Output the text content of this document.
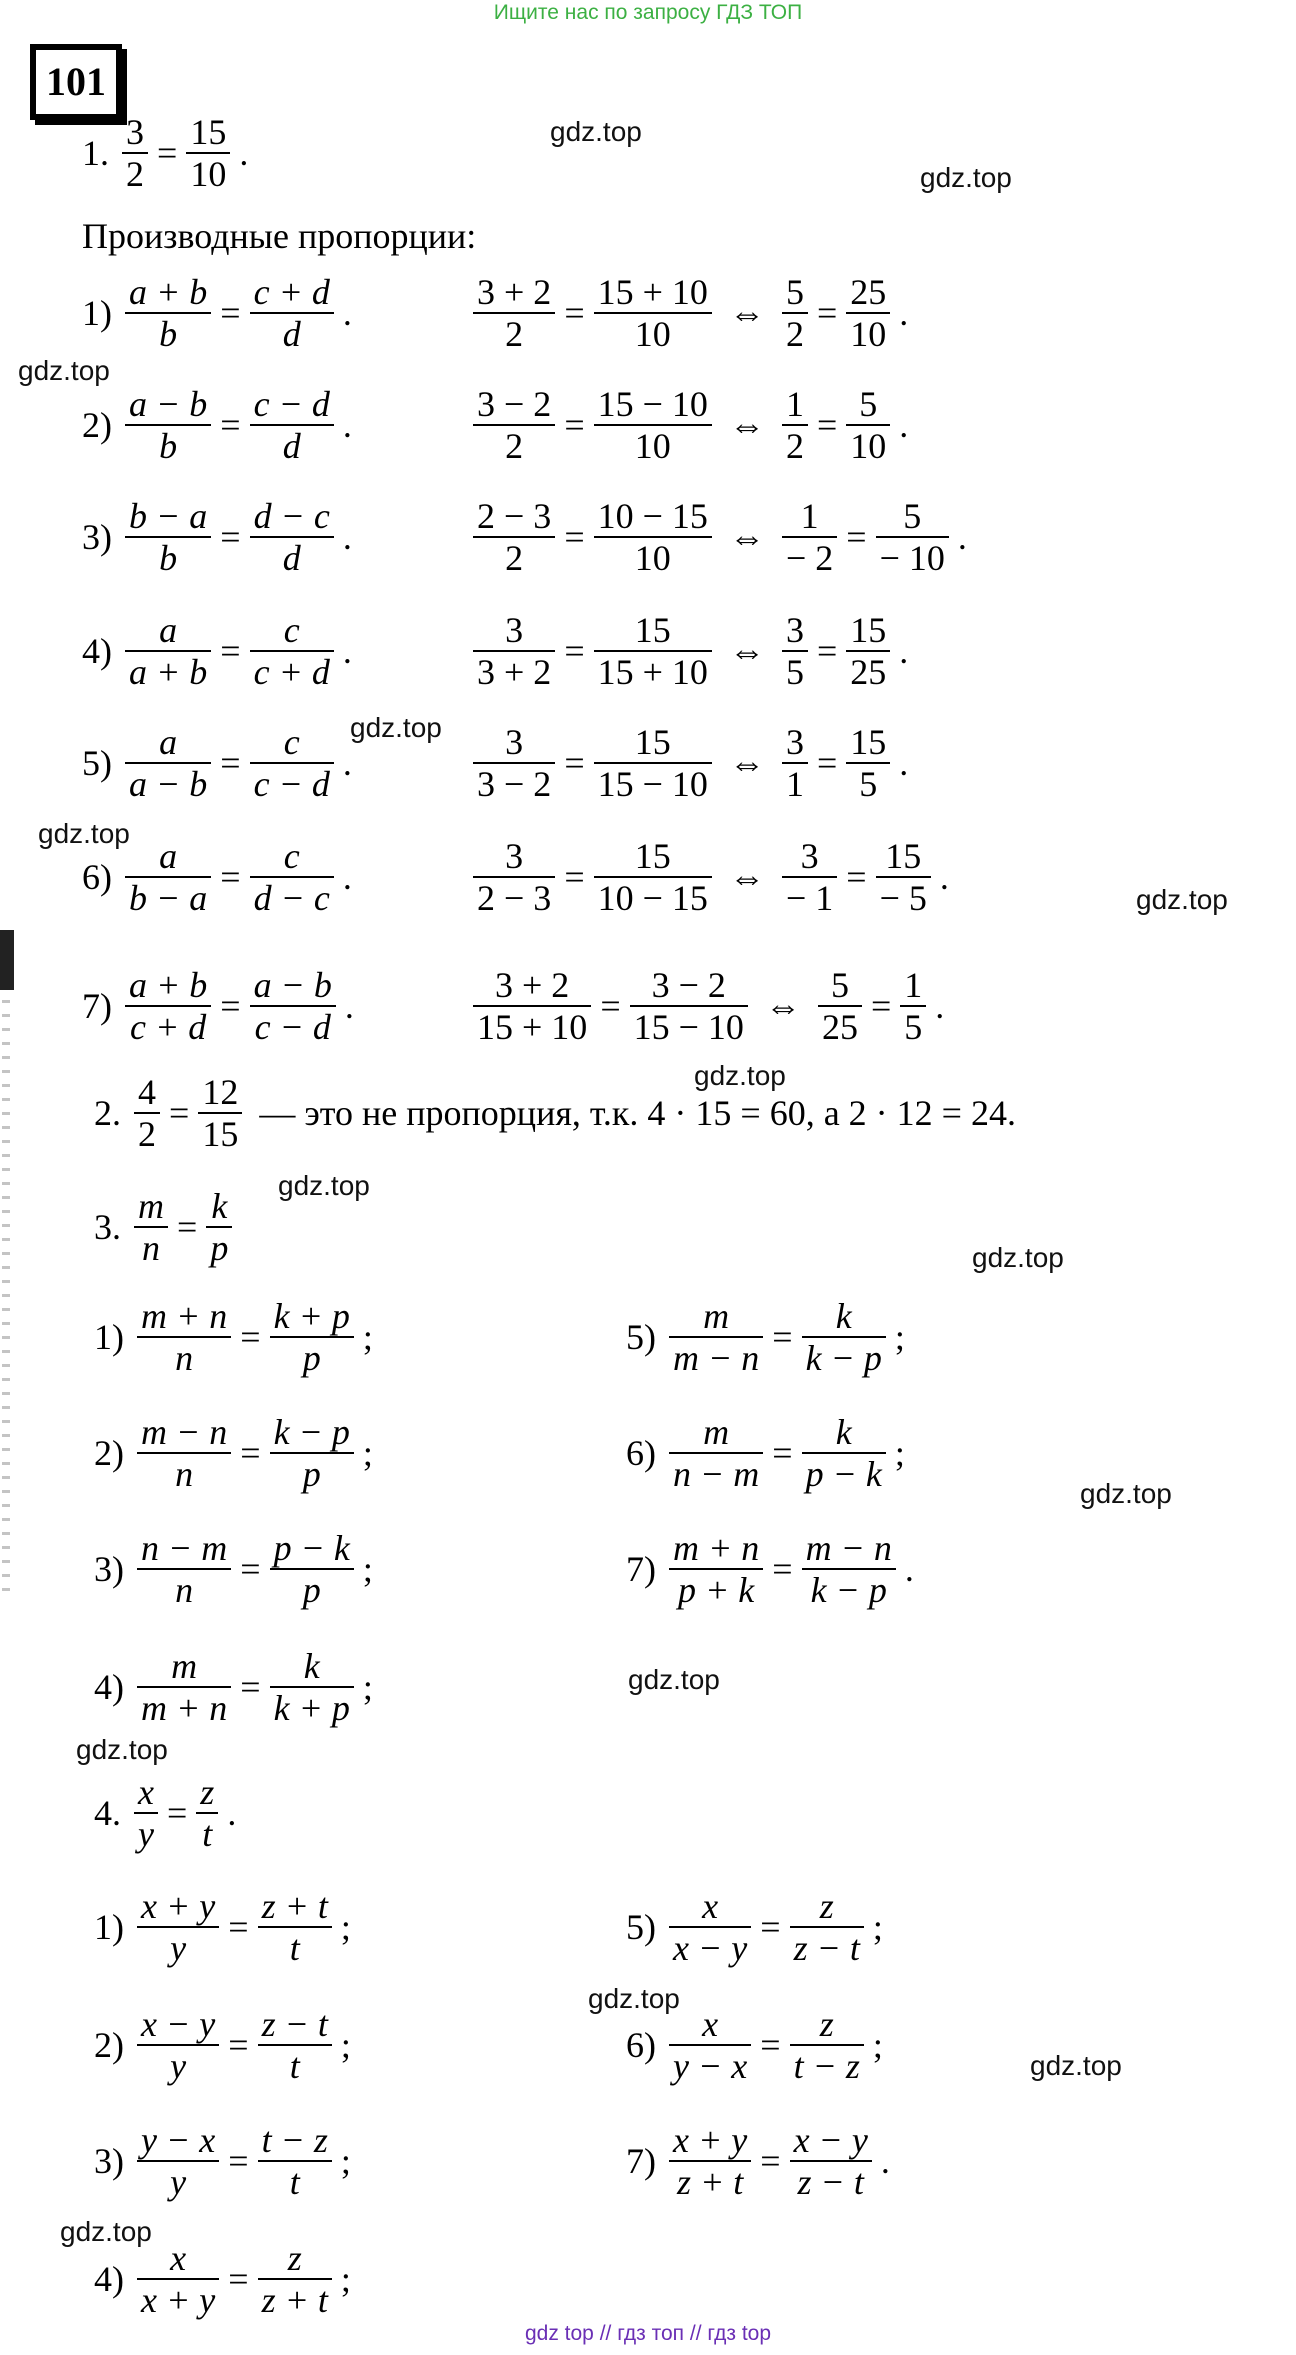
Ищите нас по запросу ГДЗ ТОП
101
gdz.top
gdz.top
gdz.top
gdz.top
gdz.top
gdz.top
gdz.top
gdz.top
gdz.top
gdz.top
gdz.top
gdz.top
gdz.top
gdz.top
gdz.top
1. $\frac{3}{2} = \frac{15}{10}$ .
Производные пропорции:
2. $\frac{4}{2} = \frac{12}{15}$ — это не пропорция, т.к. 4 · 15 = 60, а 2 · 12 = 24.
3. $\frac{m}{n} = \frac{k}{p}$
4. $\frac{x}{y} = \frac{z}{t}$ .
gdz top // гдз топ // гдз top
$1) \frac{a + b}{b} = \frac{c + d}{d}$ .	$\frac{3 + 2}{2} = \frac{15 + 10}{10}$ ⇔ $\frac{5}{2} = \frac{25}{10}$ .
$2) \frac{a - b}{b} = \frac{c - d}{d}$ .	$\frac{3 - 2}{2} = \frac{15 - 10}{10}$ ⇔ $\frac{1}{2} = \frac{5}{10}$ .
$3) \frac{b - a}{b} = \frac{d - c}{d}$ .	$\frac{2 - 3}{2} = \frac{10 - 15}{10}$ ⇔ $\frac{1}{- 2} = \frac{5}{- 10}$ .
$4) \frac{a}{a + b} = \frac{c}{c + d}$ .	$\frac{3}{3 + 2} = \frac{15}{15 + 10}$ ⇔ $\frac{3}{5} = \frac{15}{25}$ .
$5) \frac{a}{a - b} = \frac{c}{c - d}$ .	$\frac{3}{3 - 2} = \frac{15}{15 - 10}$ ⇔ $\frac{3}{1} = \frac{15}{5}$ .
$6) \frac{a}{b - a} = \frac{c}{d - c}$ .	$\frac{3}{2 - 3} = \frac{15}{10 - 15}$ ⇔ $\frac{3}{- 1} = \frac{15}{- 5}$ .
$7) \frac{a + b}{c + d} = \frac{a - b}{c - d}$ .	$\frac{3 + 2}{15 + 10} = \frac{3 - 2}{15 - 10}$ ⇔ $\frac{5}{25} = \frac{1}{5}$ .
$1) \frac{m + n}{n} = \frac{k + p}{p}$ ;
$2) \frac{m - n}{n} = \frac{k - p}{p}$ ;
$3) \frac{n - m}{n} = \frac{p - k}{p}$ ;
$4) \frac{m}{m + n} = \frac{k}{k + p}$ ;
$5) \frac{m}{m - n} = \frac{k}{k - p}$ ;
$6) \frac{m}{n - m} = \frac{k}{p - k}$ ;
$7) \frac{m + n}{p + k} = \frac{m - n}{k - p}$ .
$1) \frac{x + y}{y} = \frac{z + t}{t}$ ;
$2) \frac{x - y}{y} = \frac{z - t}{t}$ ;
$3) \frac{y - x}{y} = \frac{t - z}{t}$ ;
$4) \frac{x}{x + y} = \frac{z}{z + t}$ ;
$5) \frac{x}{x - y} = \frac{z}{z - t}$ ;
$6) \frac{x}{y - x} = \frac{z}{t - z}$ ;
$7) \frac{x + y}{z + t} = \frac{x - y}{z - t}$ .
